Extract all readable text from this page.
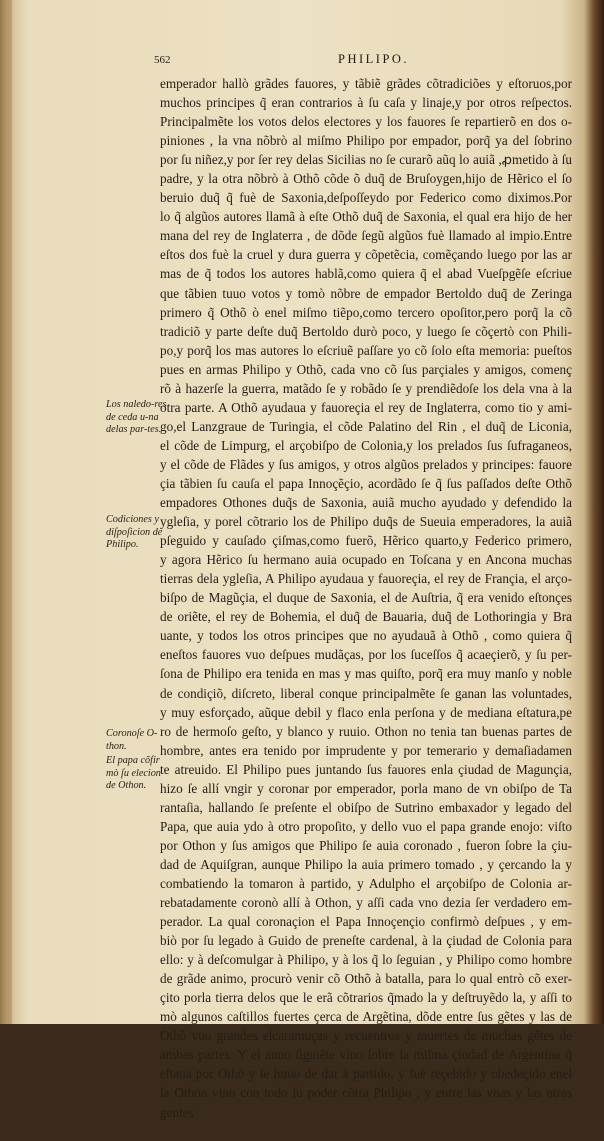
562	PHILIPO.
emperador hallò grãdes fauores, y tãbiẽ grãdes cõtradiciões y eſtoruos,por
muchos principes q̃ eran contrarios à ſu caſa y linaje,y por otros reſpectos.
Principalmẽte los votos delos electores y los fauores ſe repartierõ en dos o-
piniones , la vna nõbrò al miſmo Philipo por empador, porq̃ ya del ſobrino
por ſu niñez,y por ſer rey delas Sicilias no ſe curarõ aũq lo auiã ,ꝓmetido à ſu
padre, y la otra nõbrò à Othõ cõde õ duq̃ de Bruſoygen,hijo de Hẽrico el ſo
beruio duq̃ q̃ fuè de Saxonia,deſpoſſeydo por Federico como diximos.Por
lo q̃ algũos autores llamã à eſte Othõ duq̃ de Saxonia, el qual era hijo de her
mana del rey de Inglaterra , de dõde ſegũ algũos fuè llamado al impio.Entre
eſtos dos fuè la cruel y dura guerra y cõpetẽcia, comẽçando luego por las ar
mas de q̃ todos los autores hablã,como quiera q̃ el abad Vueſpgẽſe eſcriue
que tãbien tuuo votos y tomò nõbre de empador Bertoldo duq̃ de Zeringa
primero q̃ Othõ ò enel miſmo tiẽpo,como tercero opoſitor,pero porq̃ la cõ
tradiciõ y parte deſte duq̃ Bertoldo durò poco, y luego ſe cõçertò con Phili-
po,y porq̃ los mas autores lo eſcriuẽ paſſare yo cõ ſolo eſta memoria: pueſtos
pues en armas Philipo y Othõ, cada vno cõ ſus parçiales y amigos, començ
rõ à hazerſe la guerra, matãdo ſe y robãdo ſe y prendiẽdoſe los dela vna à la
otra parte. A Othõ ayudaua y fauoreçia el rey de Inglaterra, como tio y ami-
go,el Lanzgraue de Turingia, el cõde Palatino del Rin , el duq̃ de Liconia,
el cõde de Limpurg, el arçobiſpo de Colonia,y los prelados ſus ſufraganeos,
y el cõde de Flãdes y ſus amigos, y otros algũos prelados y principes: fauore
çia tãbien ſu cauſa el papa Innoçẽçio, acordãdo ſe q̃ ſus paſſados deſte Othõ
empadores Othones duq̃s de Saxonia, auiã mucho ayudado y defendido la
ygleſia, y porel cõtrario los de Philipo duq̃s de Sueuia emperadores, la auiã
pſeguido y cauſado çiſmas,como fuerõ, Hẽrico quarto,y Federico primero,
y agora Hẽrico ſu hermano auia ocupado en Toſcana y en Ancona muchas
tierras dela ygleſia, A Philipo ayudaua y fauoreçia, el rey de Françia, el arço-
biſpo de Magũçia, el duque de Saxonia, el de Auſtria, q̃ era venido eſtonçes
de oriẽte, el rey de Bohemia, el duq̃ de Bauaria, duq̃ de Lothoringia y Bra
uante, y todos los otros principes que no ayudauã à Othõ , como quiera q̃
eneſtos fauores vuo deſpues mudãças, por los ſuceſſos q̃ acaeçierõ, y ſu per-
ſona de Philipo era tenida en mas y mas quiſto, porq̃ era muy manſo y noble
de condiçiõ, diſcreto, liberal conque principalmẽte ſe ganan las voluntades,
y muy esforçado, aũque debil y flaco enla perſona y de mediana eſtatura,pe
ro de hermoſo geſto, y blanco y ruuio. Othon no tenia tan buenas partes de
hombre, antes era tenido por imprudente y por temerario y demaſiadamen
te atreuido. El Philipo pues juntando ſus fauores enla çiudad de Magunçia,
hizo ſe allí vngir y coronar por emperador, porla mano de vn obiſpo de Ta
rantaſia, hallando ſe preſente el obiſpo de Sutrino embaxador y legado del
Papa, que auia ydo à otro propoſito, y dello vuo el papa grande enojo: viſto
por Othon y ſus amigos que Philipo ſe auia coronado , fueron ſobre la çiu-
dad de Aquiſgran, aunque Philipo la auia primero tomado , y çercando la y
combatiendo la tomaron à partido, y Adulpho el arçobiſpo de Colonia ar-
rebatadamente coronò allí à Othon, y aſſi cada vno dezia ſer verdadero em-
perador. La qual coronaçion el Papa Innoçençio confirmò deſpues , y em-
biò por ſu legado à Guido de preneſte cardenal, à la çiudad de Colonia para
ello: y à deſcomulgar à Philipo, y à los q̃ lo ſeguian , y Philipo como hombre
de grãde animo, procurò venir cõ Othõ à batalla, para lo qual entrò cõ exer-
çito porla tierra delos que le erã cõtrarios q̃mado la y deſtruyẽdo la, y aſſi to
mò algunos caſtillos fuertes çerca de Argẽtina, dõde entre ſus gẽtes y las de
Othõ vuo grandes eſcaramuças y recuentros y muertes de muchas gẽtes de
ambas partes. Y el anno ſiguiẽte vino ſobre la miſma çiudad de Argentina q̃
eſtaua por Othõ y ſe huuo de dar à partido, y fuè reçebido y obedeçido enel
la Othon vino con todo ſu poder cõtra Philipo , y entre las vnas y las otras
gentes
Los naledo-res de ceda u-na delas par-tes.
Codiciones y diſpoſicion de Philipo.
Coronoſe O-thon.
El papa cõfir mò ſu elecion de Othon.
